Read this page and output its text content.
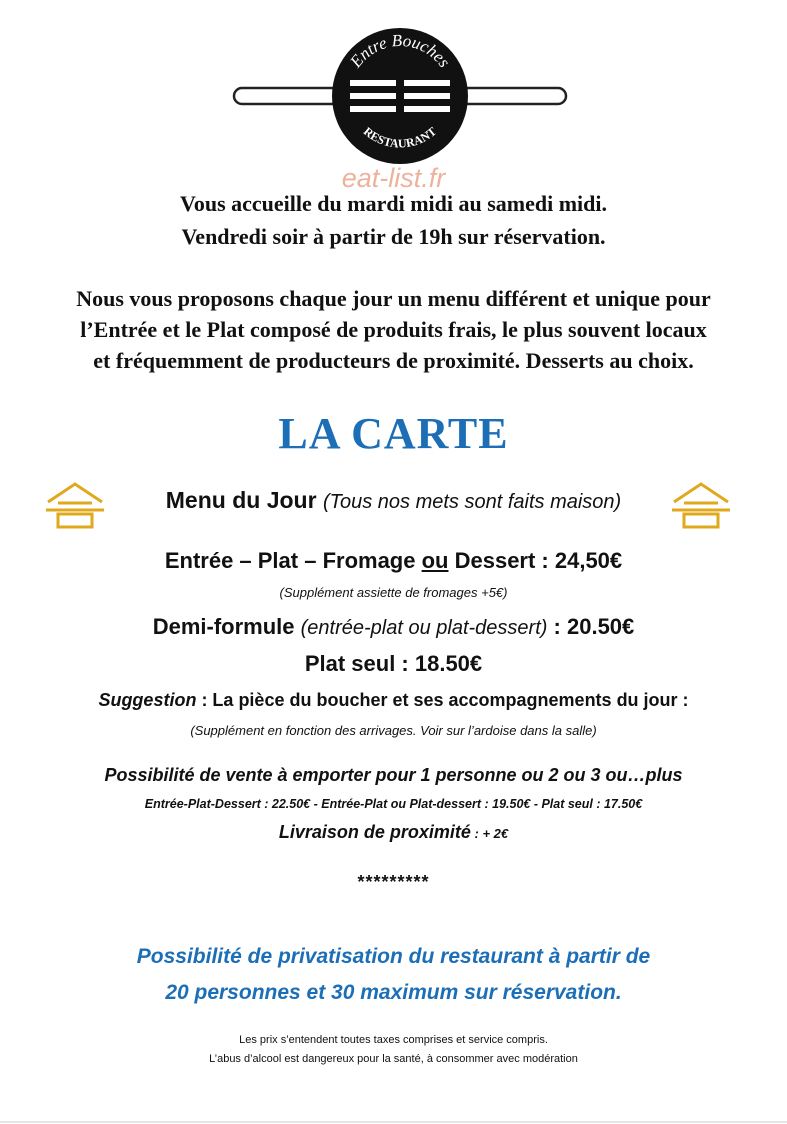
Entre Bouches
RESTAURANT
eat-list.fr
Vous accueille du mardi midi au samedi midi.
Vendredi soir à partir de 19h sur réservation.
Nous vous proposons chaque jour un menu différent et unique pour
l’Entrée et le Plat composé de produits frais, le plus souvent locaux
et fréquemment de producteurs de proximité. Desserts au choix.
LA CARTE
Menu du Jour (Tous nos mets sont faits maison)
Entrée – Plat – Fromage ou Dessert : 24,50€
(Supplément assiette de fromages +5€)
Demi-formule (entrée-plat ou plat-dessert) : 20.50€
Plat seul : 18.50€
Suggestion : La pièce du boucher et ses accompagnements du jour :
(Supplément en fonction des arrivages. Voir sur l’ardoise dans la salle)
Possibilité de vente à emporter pour 1 personne ou 2 ou 3 ou…plus
Entrée-Plat-Dessert : 22.50€ - Entrée-Plat ou Plat-dessert : 19.50€ - Plat seul : 17.50€
Livraison de proximité : + 2€
*********
Possibilité de privatisation du restaurant à partir de
20 personnes et 30 maximum sur réservation.
Les prix s’entendent toutes taxes comprises et service compris.
L’abus d’alcool est dangereux pour la santé, à consommer avec modération
